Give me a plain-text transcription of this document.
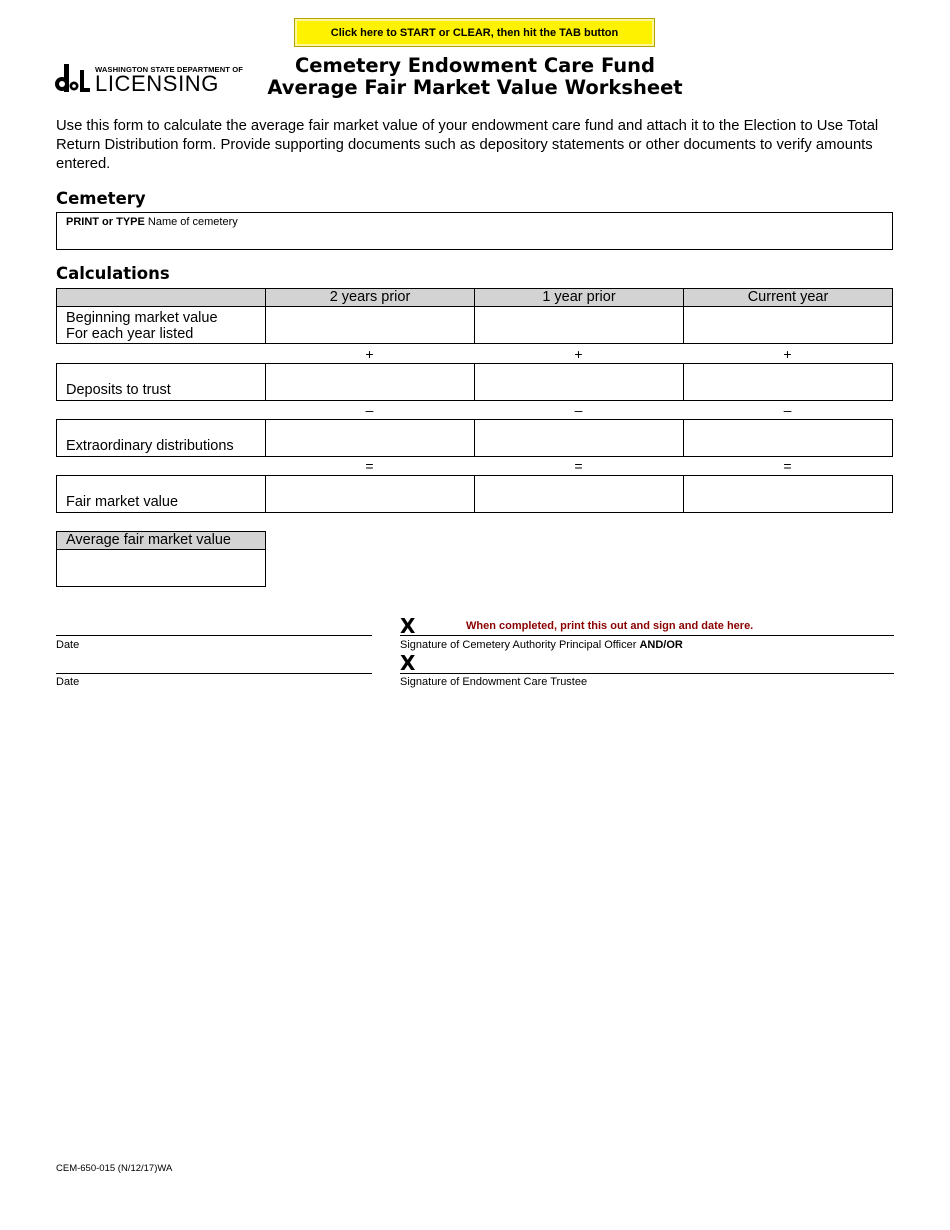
Click here to START or CLEAR, then hit the TAB button
WASHINGTON STATE DEPARTMENT OF
LICENSING
Cemetery Endowment Care Fund
Average Fair Market Value Worksheet
Use this form to calculate the average fair market value of your endowment care fund and attach it to the Election to Use Total Return Distribution form. Provide supporting documents such as depository statements or other documents to verify amounts entered.
Cemetery
PRINT or TYPE Name of cemetery
Calculations
2 years prior	1 year prior	Current year
Beginning market value
For each year listed
+	+	+
Deposits to trust
–	–	–
Extraordinary distributions
=	=	=
Fair market value
Average fair market value
X	When completed, print this out and sign and date here.
Date	Signature of Cemetery Authority Principal Officer AND/OR
X
Date	Signature of Endowment Care Trustee
CEM-650-015 (N/12/17)WA
